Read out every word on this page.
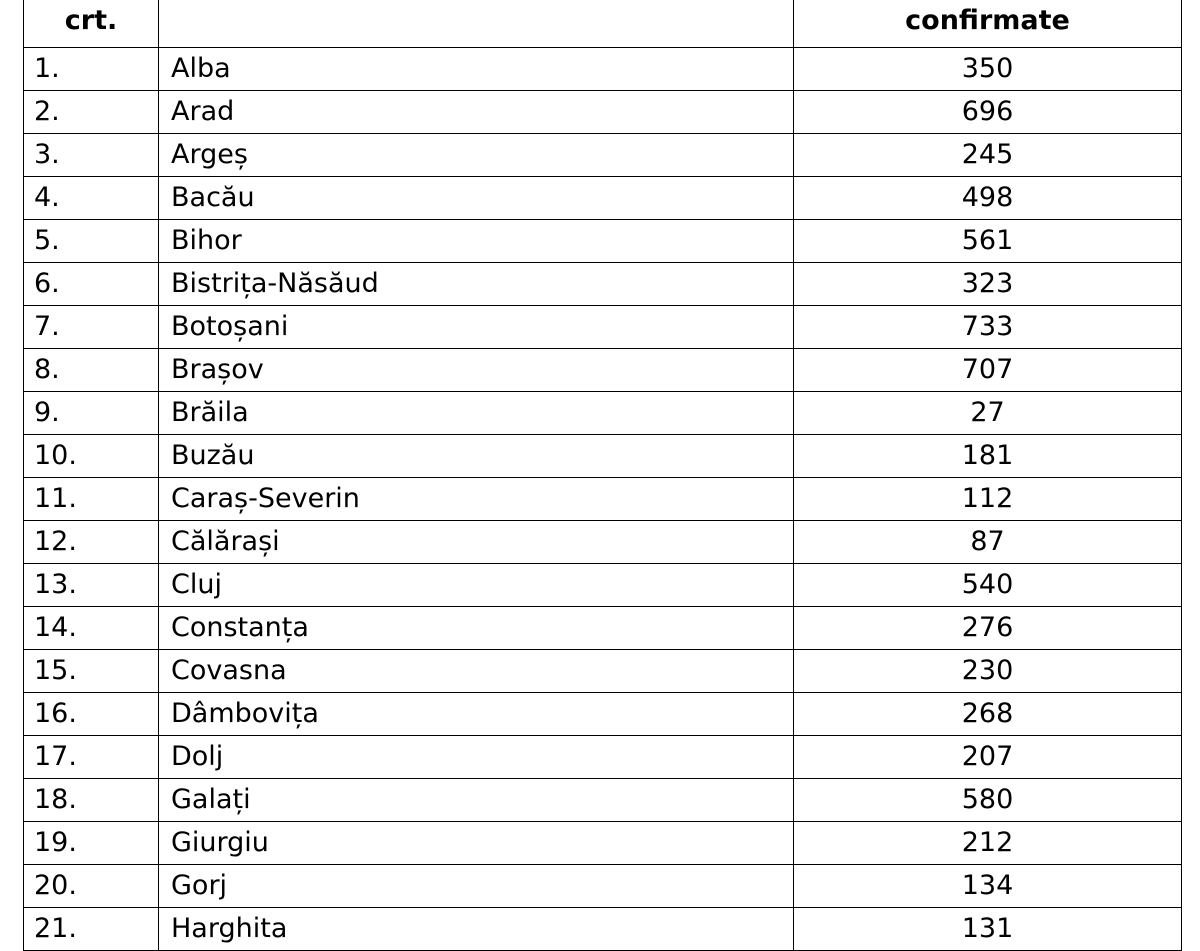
crt.		confirmate
1.	Alba	350
2.	Arad	696
3.	Argeș	245
4.	Bacău	498
5.	Bihor	561
6.	Bistrița-Năsăud	323
7.	Botoșani	733
8.	Brașov	707
9.	Brăila	27
10.	Buzău	181
11.	Caraș-Severin	112
12.	Călărași	87
13.	Cluj	540
14.	Constanța	276
15.	Covasna	230
16.	Dâmbovița	268
17.	Dolj	207
18.	Galați	580
19.	Giurgiu	212
20.	Gorj	134
21.	Harghita	131
